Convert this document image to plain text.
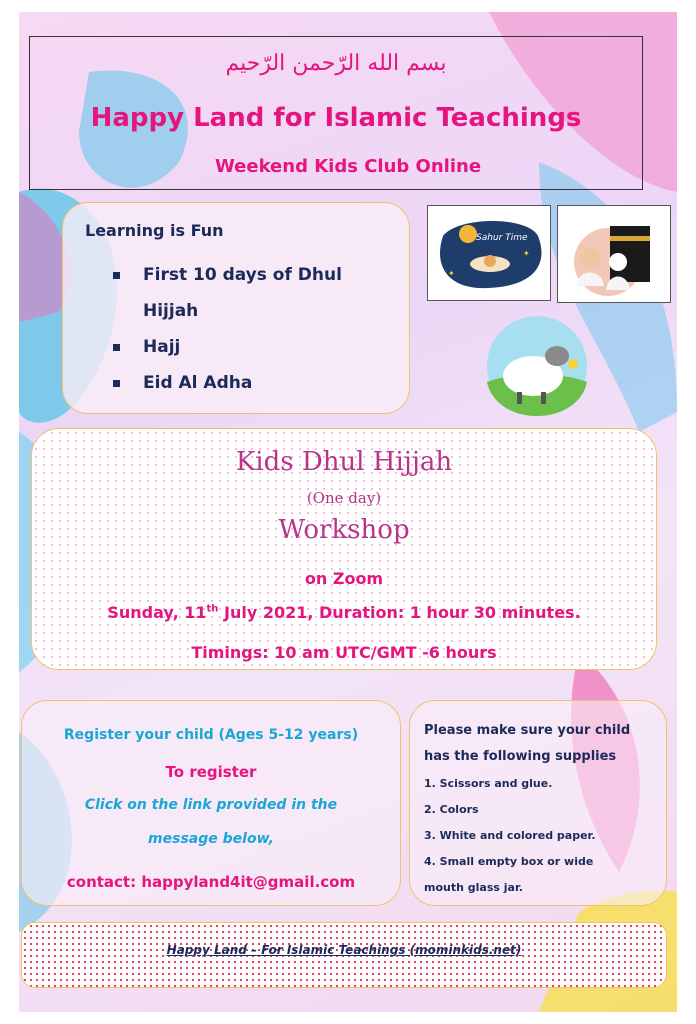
بسم الله الرّحمن الرّحيم
Happy Land for Islamic Teachings
Weekend Kids Club Online
Learning is Fun
First 10 days of Dhul Hijjah
Hajj
Eid Al Adha
Sahur Time
✦
✦
Kids Dhul Hijjah
(One day)
Workshop
on Zoom
Sunday, 11th July 2021, Duration: 1 hour 30 minutes.
Timings: 10 am UTC/GMT -6 hours
Register your child (Ages 5-12 years)
To register
Click on the link provided in the
message below,
contact: happyland4it@gmail.com
Please make sure your child
has the following supplies
1. Scissors and glue.
2. Colors
3. White and colored paper.
4. Small empty box or wide
mouth glass jar.
Happy Land – For Islamic Teachings (mominkids.net)
